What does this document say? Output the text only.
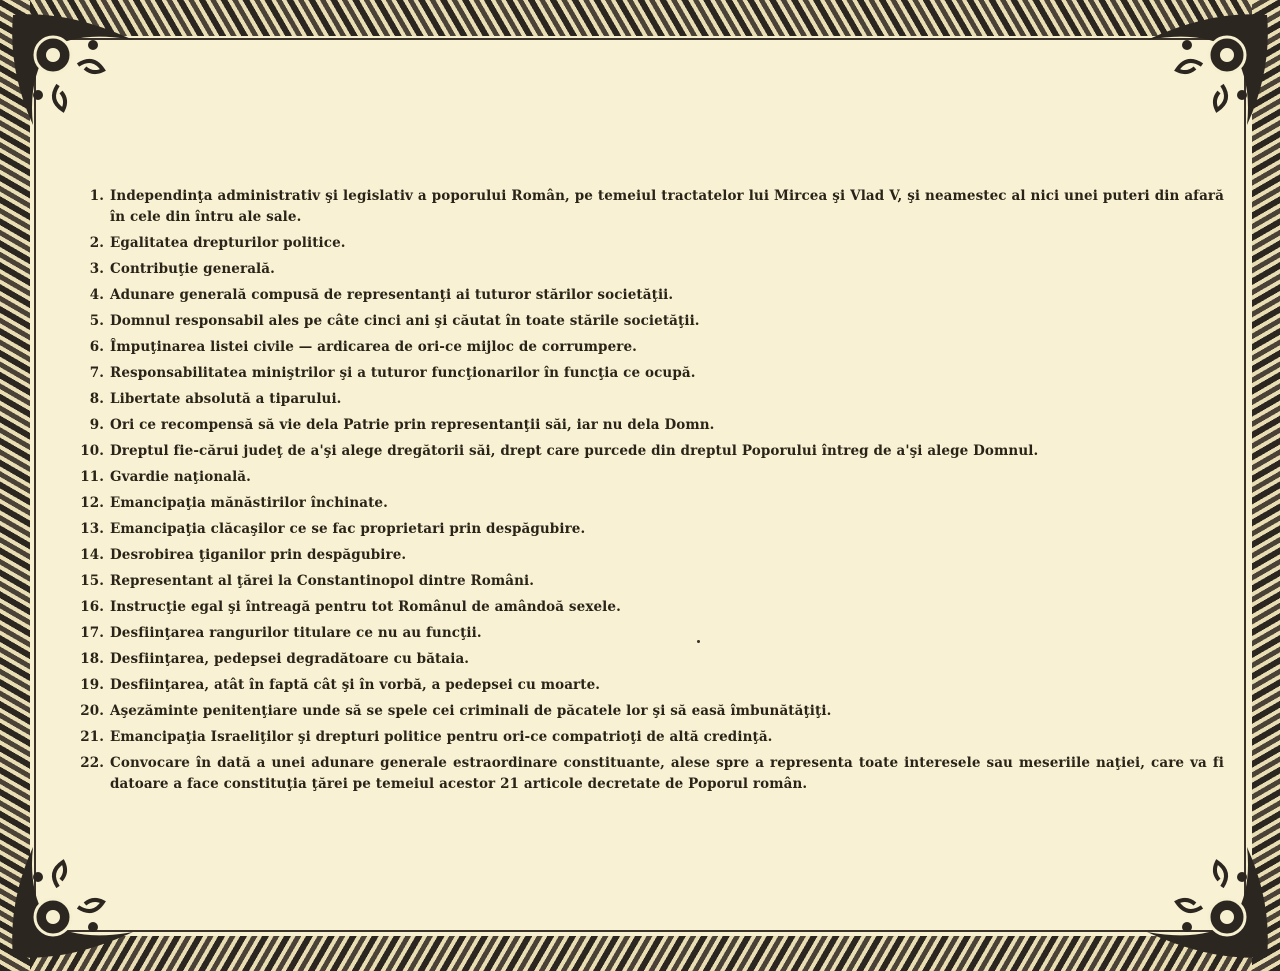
1. Independinţa administrativ şi legislativ a poporului Român, pe temeiul tractatelor lui Mircea şi Vlad V, şi neamestec al nici unei puteri din afară în cele din întru ale sale.
2. Egalitatea drepturilor politice.
3. Contribuţie generală.
4. Adunare generală compusă de representanţi ai tuturor stărilor societăţii.
5. Domnul responsabil ales pe câte cinci ani şi căutat în toate stările societăţii.
6. Împuţinarea listei civile — ardicarea de ori-ce mijloc de corrumpere.
7. Responsabilitatea miniştrilor şi a tuturor funcţionarilor în funcţia ce ocupă.
8. Libertate absolută a tiparului.
9. Ori ce recompensă să vie dela Patrie prin representanţii săi, iar nu dela Domn.
10. Dreptul fie-cărui judeţ de a'şi alege dregătorii săi, drept care purcede din dreptul Poporului întreg de a'şi alege Domnul.
11. Gvardie naţională.
12. Emancipaţia mănăstirilor închinate.
13. Emancipaţia clăcaşilor ce se fac proprietari prin despăgubire.
14. Desrobirea ţiganilor prin despăgubire.
15. Representant al ţărei la Constantinopol dintre Români.
16. Instrucţie egal şi întreagă pentru tot Românul de amândoă sexele.
17. Desfiinţarea rangurilor titulare ce nu au funcţii.
18. Desfiinţarea, pedepsei degradătoare cu bătaia.
19. Desfiinţarea, atât în faptă cât şi în vorbă, a pedepsei cu moarte.
20. Aşezăminte penitenţiare unde să se spele cei criminali de păcatele lor şi să easă îmbunătăţiţi.
21. Emancipaţia Israeliţilor şi drepturi politice pentru ori-ce compatrioţi de altă credinţă.
22. Convocare în dată a unei adunare generale estraordinare constituante, alese spre a representa toate interesele sau meseriile naţiei, care va fi datoare a face constituţia ţărei pe temeiul acestor 21 articole decretate de Poporul român.
